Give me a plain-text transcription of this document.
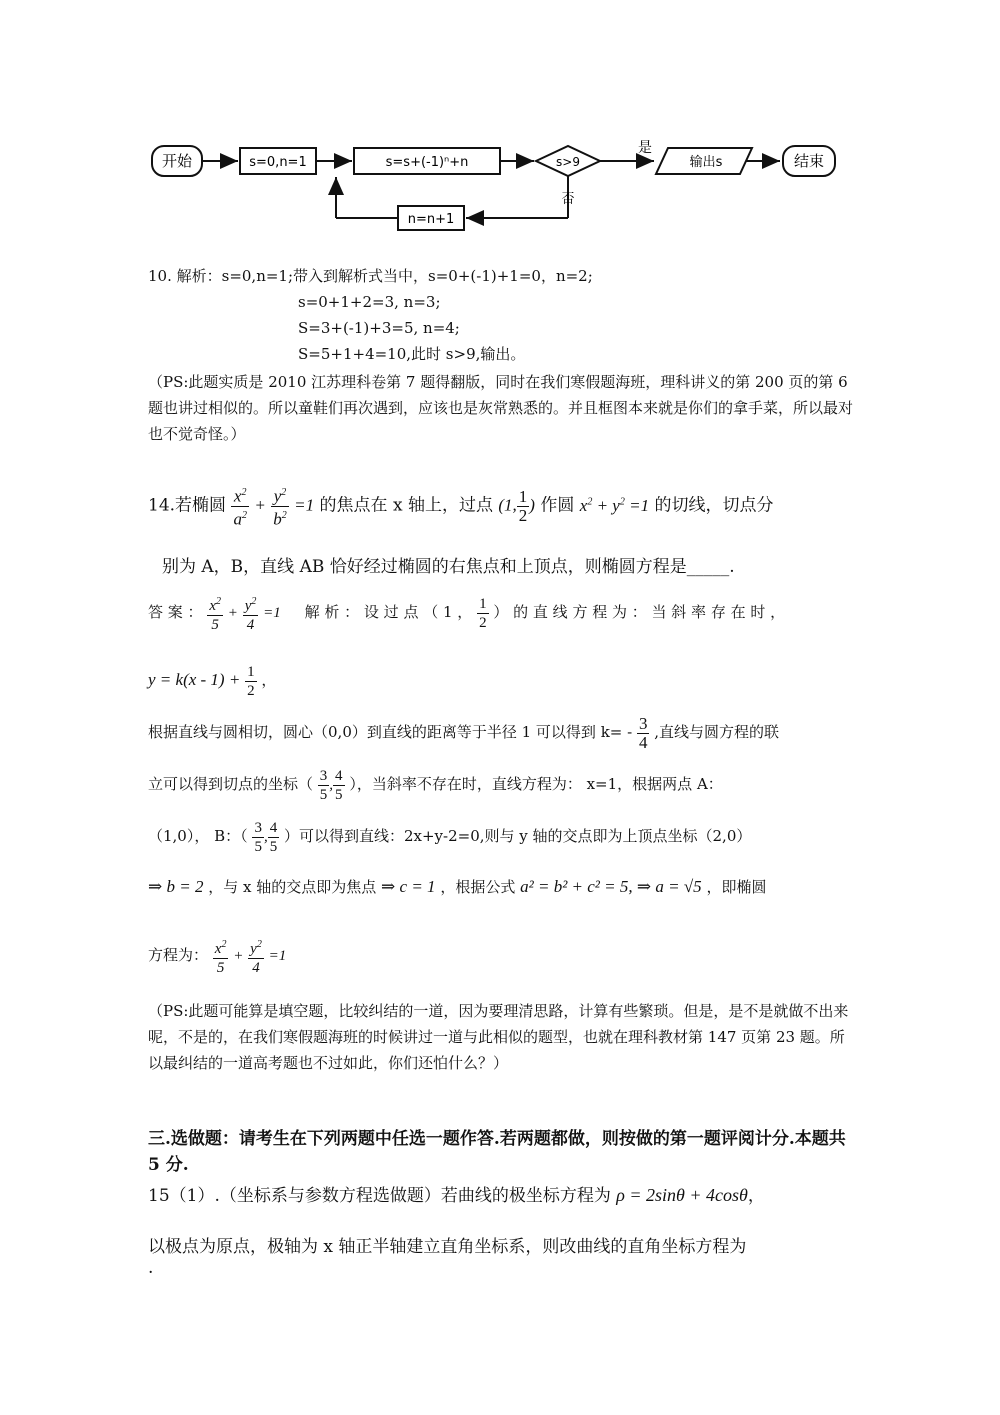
开始	s=0,n=1	s=s+(-1)ⁿ+n	s>9
是
输出s	结束
否
n=n+1
10. 解析：s=0,n=1;带入到解析式当中，s=0+(-1)+1=0，n=2;
s=0+1+2=3, n=3;
S=3+(-1)+3=5, n=4;
S=5+1+4=10,此时 s>9,输出。
（PS:此题实质是 2010 江苏理科卷第 7 题得翻版，同时在我们寒假题海班，理科讲义的第 200 页的第 6 题也讲过相似的。所以童鞋们再次遇到，应该也是灰常熟悉的。并且框图本来就是你们的拿手菜，所以最对也不觉奇怪。）
14.若椭圆 $\frac{x^2}{a^2} + \frac{y^2}{b^2} =1$ 的焦点在 x 轴上，过点 (1, $\frac{1}{2}$ ) 作圆 $x^2 + y^2 =1$ 的切线，切点分
别为 A，B，直线 AB 恰好经过椭圆的右焦点和上顶点，则椭圆方程是_____.
答 案 ： $\frac{x^2}{5} + \frac{y^2}{4} =1$ 解 析 ： 设 过 点 （ 1 ， $\frac{1}{2}$ ） 的 直 线 方 程 为 ： 当 斜 率 存 在 时 ，
$y = k(x - 1) + \frac{1}{2}$ ，
根据直线与圆相切，圆心（0,0）到直线的距离等于半径 1 可以得到 $k= - \frac{3}{4}$ ,直线与圆方程的联
立可以得到切点的坐标（ $\frac{3}{5}$ , $\frac{4}{5}$ ），当斜率不存在时，直线方程为： x=1，根据两点 A：
（1,0）， B：（ $\frac{3}{5}$ , $\frac{4}{5}$ ）可以得到直线：2x+y-2=0,则与 y 轴的交点即为上顶点坐标（2,0）
⇒ b = 2 ，与 x 轴的交点即为焦点 ⇒ c = 1 ，根据公式 a² = b² + c² = 5, ⇒ a = √5 ，即椭圆
方程为： $\frac{x^2}{5} + \frac{y^2}{4} =1$
（PS:此题可能算是填空题，比较纠结的一道，因为要理清思路，计算有些繁琐。但是，是不是就做不出来呢，不是的，在我们寒假题海班的时候讲过一道与此相似的题型，也就在理科教材第 147 页第 23 题。所以最纠结的一道高考题也不过如此，你们还怕什么？）
三.选做题：请考生在下列两题中任选一题作答.若两题都做，则按做的第一题评阅计分.本题共 5 分.
15（1）.（坐标系与参数方程选做题）若曲线的极坐标方程为 ρ = 2sinθ + 4cosθ，
以极点为原点，极轴为 x 轴正半轴建立直角坐标系，则改曲线的直角坐标方程为
.
